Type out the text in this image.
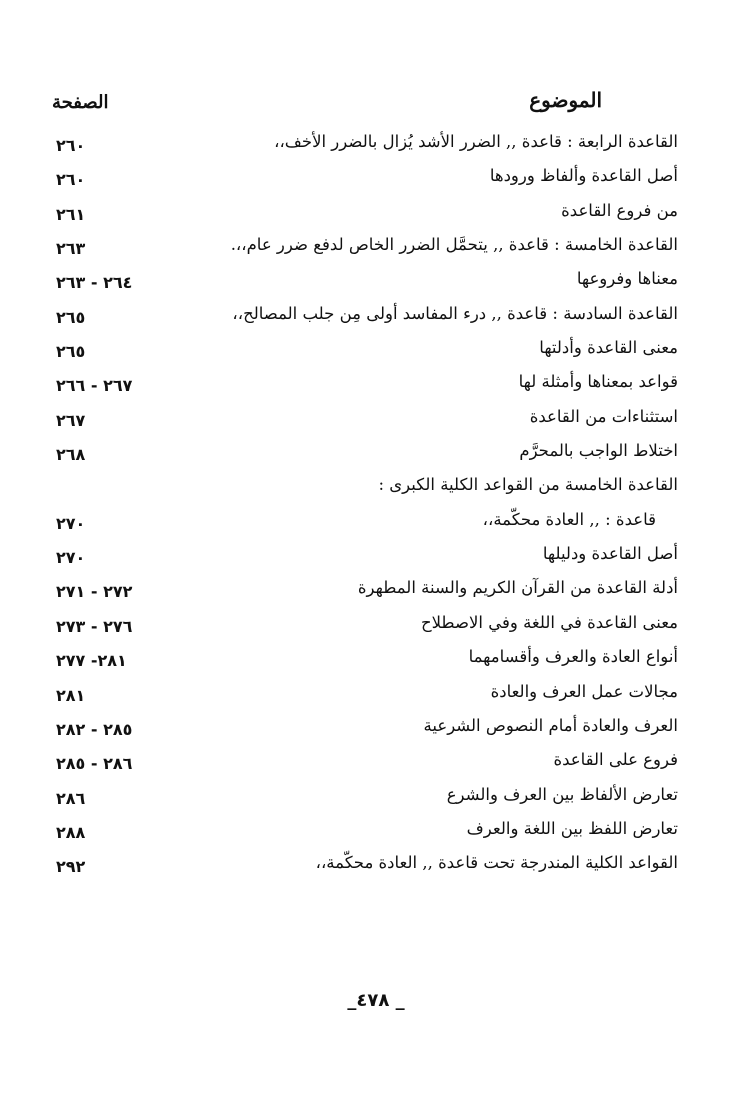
الموضوع
الصفحة
القاعدة الرابعة : قاعدة ,, الضرر الأشد يُزال بالضرر الأخف،،
٢٦٠
أصل القاعدة وألفاظ ورودها
٢٦٠
من فروع القاعدة
٢٦١
القاعدة الخامسة : قاعدة ,, يتحمَّل الضرر الخاص لدفع ضرر عام،،.
٢٦٣
معناها وفروعها
٢٦٤ - ٢٦٣
القاعدة السادسة : قاعدة ,, درء المفاسد أولى مِن جلب المصالح،،
٢٦٥
معنى القاعدة وأدلتها
٢٦٥
قواعد بمعناها وأمثلة لها
٢٦٧ - ٢٦٦
استثناءات من القاعدة
٢٦٧
اختلاط الواجب بالمحرَّم
٢٦٨
القاعدة الخامسة من القواعد الكلية الكبرى :
قاعدة : ,, العادة محكّمة،،
٢٧٠
أصل القاعدة ودليلها
٢٧٠
أدلة القاعدة من القرآن الكريم والسنة المطهرة
٢٧٢ - ٢٧١
معنى القاعدة في اللغة وفي الاصطلاح
٢٧٦ - ٢٧٣
أنواع العادة والعرف وأقسامهما
٢٨١- ٢٧٧
مجالات عمل العرف والعادة
٢٨١
العرف والعادة أمام النصوص الشرعية
٢٨٥ - ٢٨٢
فروع على القاعدة
٢٨٦ - ٢٨٥
تعارض الألفاظ بين العرف والشرع
٢٨٦
تعارض اللفظ بين اللغة والعرف
٢٨٨
القواعد الكلية المندرجة تحت قاعدة ,, العادة محكّمة،،
٢٩٢
_٤٧٨ _
